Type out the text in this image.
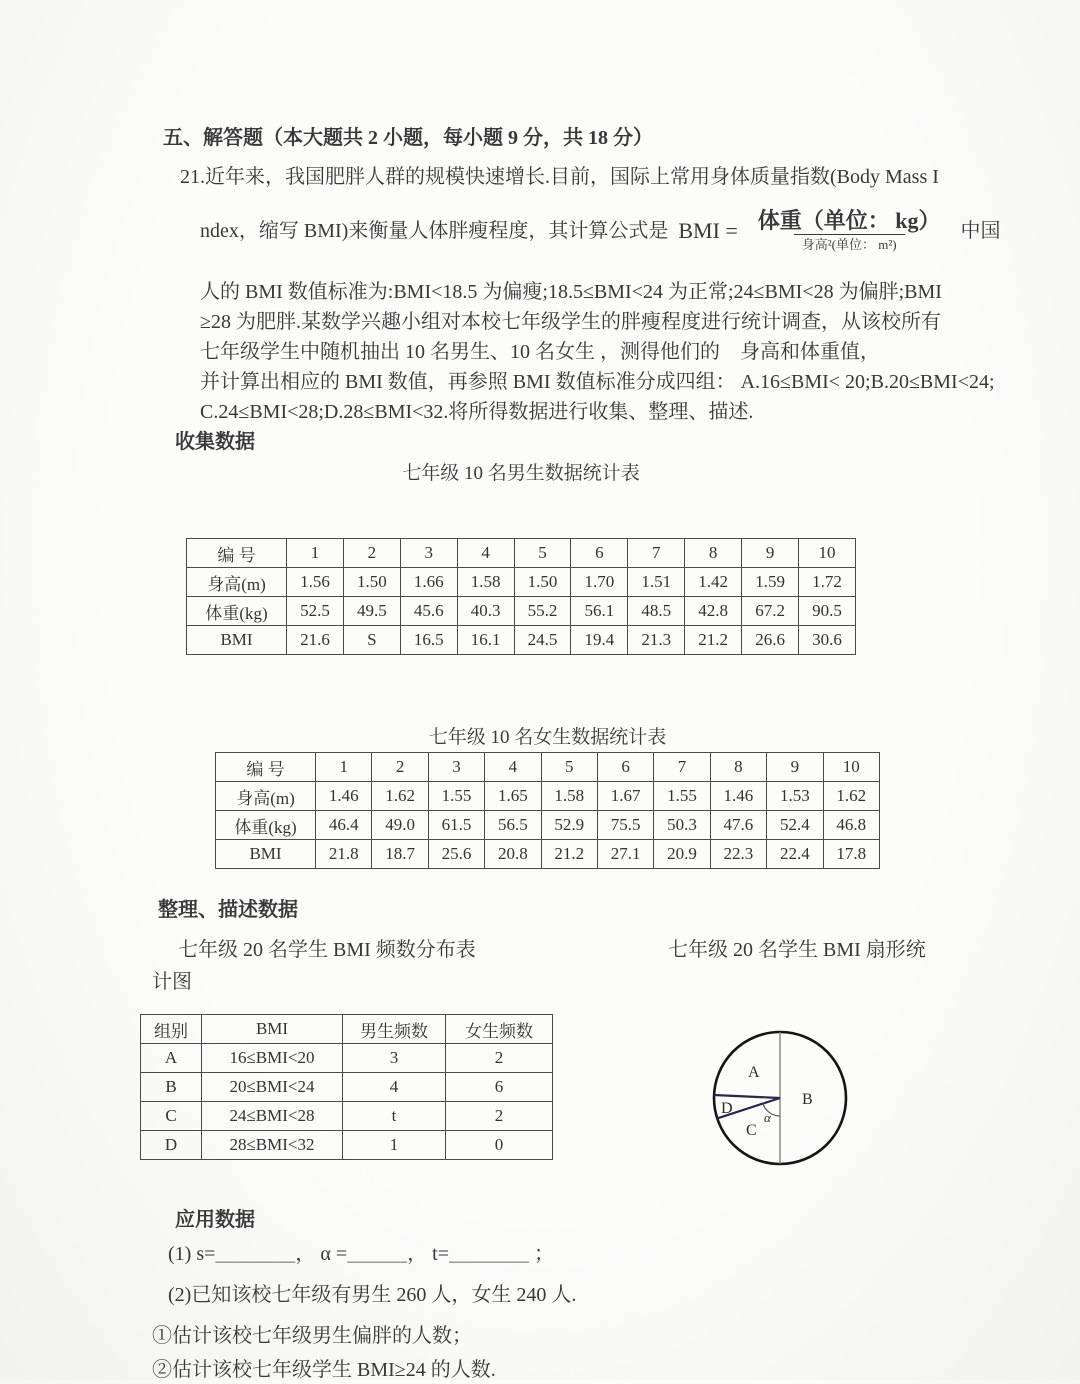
五、解答题（本大题共 2 小题，每小题 9 分，共 18 分）
21.近年来，我国肥胖人群的规模快速增长.目前，国际上常用身体质量指数(Body Mass I
ndex，缩写 BMI)来衡量人体胖瘦程度，其计算公式是 BMI = $\frac{\text{体重（单位： kg）}}{\text{身高²(单位： m²)}}$ 中国
人的 BMI 数值标准为:BMI<18.5 为偏瘦;18.5≤BMI<24 为正常;24≤BMI<28 为偏胖;BMI
≥28 为肥胖.某数学兴趣小组对本校七年级学生的胖瘦程度进行统计调查，从该校所有
七年级学生中随机抽出 10 名男生、10 名女生 ，测得他们的　身高和体重值，
并计算出相应的 BMI 数值，再参照 BMI 数值标准分成四组： A.16≤BMI< 20;B.20≤BMI<24;
C.24≤BMI<28;D.28≤BMI<32.将所得数据进行收集、整理、描述.
收集数据
七年级 10 名男生数据统计表
编 号	1	2	3	4	5	6	7	8	9	10
身高(m)	1.56	1.50	1.66	1.58	1.50	1.70	1.51	1.42	1.59	1.72
体重(kg)	52.5	49.5	45.6	40.3	55.2	56.1	48.5	42.8	67.2	90.5
BMI	21.6	S	16.5	16.1	24.5	19.4	21.3	21.2	26.6	30.6
七年级 10 名女生数据统计表
编 号	1	2	3	4	5	6	7	8	9	10
身高(m)	1.46	1.62	1.55	1.65	1.58	1.67	1.55	1.46	1.53	1.62
体重(kg)	46.4	49.0	61.5	56.5	52.9	75.5	50.3	47.6	52.4	46.8
BMI	21.8	18.7	25.6	20.8	21.2	27.1	20.9	22.3	22.4	17.8
整理、描述数据
七年级 20 名学生 BMI 频数分布表	七年级 20 名学生 BMI 扇形统
计图
组别	BMI	男生频数	女生频数
A	16≤BMI<20	3	2
B	20≤BMI<24	4	6
C	24≤BMI<28	t	2
D	28≤BMI<32	1	0
A
B
C
D
α
应用数据
(1) s=＿＿＿＿， α =＿＿＿， t=＿＿＿＿ ；
(2)已知该校七年级有男生 260 人，女生 240 人.
①估计该校七年级男生偏胖的人数；
②估计该校七年级学生 BMI≥24 的人数.
